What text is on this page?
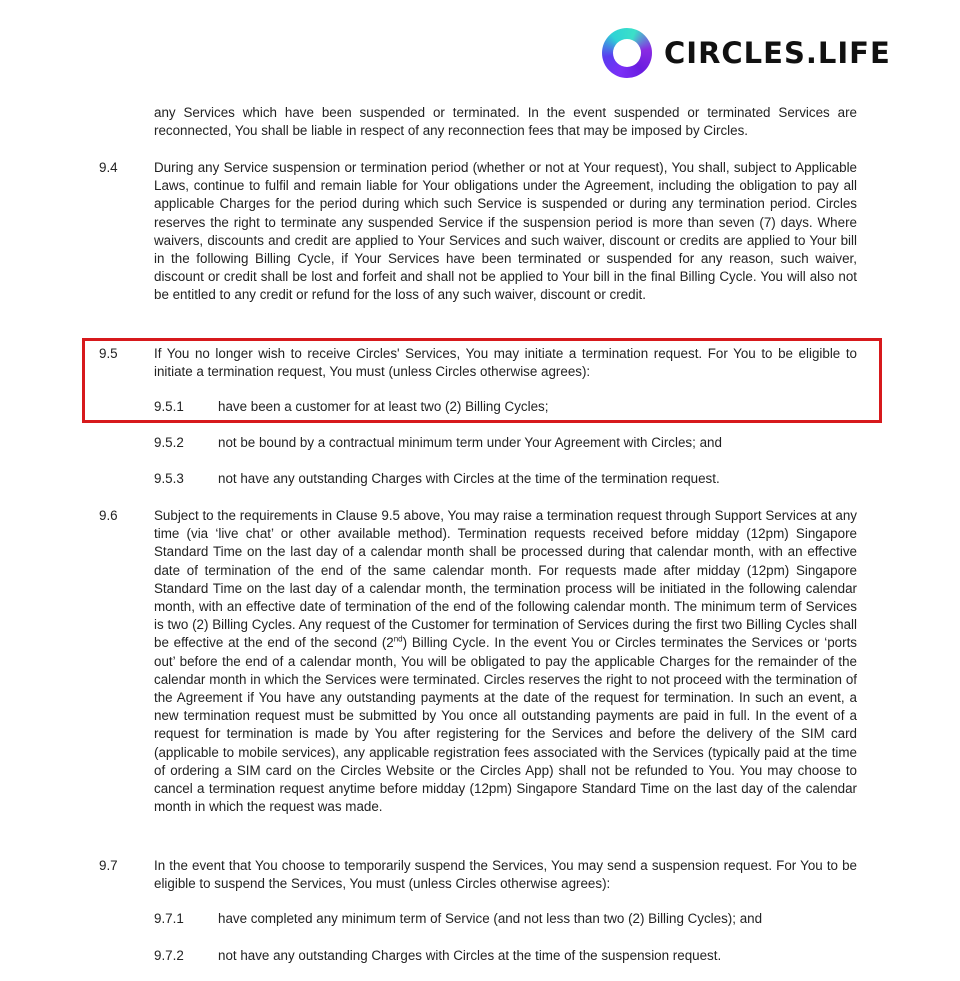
CIRCLES.LIFE
any Services which have been suspended or terminated. In the event suspended or terminated Services are reconnected, You shall be liable in respect of any reconnection fees that may be imposed by Circles.
9.4	During any Service suspension or termination period (whether or not at Your request), You shall, subject to Applicable Laws, continue to fulfil and remain liable for Your obligations under the Agreement, including the obligation to pay all applicable Charges for the period during which such Service is suspended or during any termination period. Circles reserves the right to terminate any suspended Service if the suspension period is more than seven (7) days. Where waivers, discounts and credit are applied to Your Services and such waiver, discount or credits are applied to Your bill in the following Billing Cycle, if Your Services have been terminated or suspended for any reason, such waiver, discount or credit shall be lost and forfeit and shall not be applied to Your bill in the final Billing Cycle. You will also not be entitled to any credit or refund for the loss of any such waiver, discount or credit.
9.5	If You no longer wish to receive Circles' Services, You may initiate a termination request. For You to be eligible to initiate a termination request, You must (unless Circles otherwise agrees):
9.5.1	have been a customer for at least two (2) Billing Cycles;
9.5.2	not be bound by a contractual minimum term under Your Agreement with Circles; and
9.5.3	not have any outstanding Charges with Circles at the time of the termination request.
9.6	Subject to the requirements in Clause 9.5 above, You may raise a termination request through Support Services at any time (via ‘live chat’ or other available method). Termination requests received before midday (12pm) Singapore Standard Time on the last day of a calendar month shall be processed during that calendar month, with an effective date of termination of the end of the same calendar month. For requests made after midday (12pm) Singapore Standard Time on the last day of a calendar month, the termination process will be initiated in the following calendar month, with an effective date of termination of the end of the following calendar month. The minimum term of Services is two (2) Billing Cycles. Any request of the Customer for termination of Services during the first two Billing Cycles shall be effective at the end of the second (2nd) Billing Cycle. In the event You or Circles terminates the Services or ‘ports out’ before the end of a calendar month, You will be obligated to pay the applicable Charges for the remainder of the calendar month in which the Services were terminated. Circles reserves the right to not proceed with the termination of the Agreement if You have any outstanding payments at the date of the request for termination. In such an event, a new termination request must be submitted by You once all outstanding payments are paid in full. In the event of a request for termination is made by You after registering for the Services and before the delivery of the SIM card (applicable to mobile services), any applicable registration fees associated with the Services (typically paid at the time of ordering a SIM card on the Circles Website or the Circles App) shall not be refunded to You. You may choose to cancel a termination request anytime before midday (12pm) Singapore Standard Time on the last day of the calendar month in which the request was made.
9.7	In the event that You choose to temporarily suspend the Services, You may send a suspension request. For You to be eligible to suspend the Services, You must (unless Circles otherwise agrees):
9.7.1	have completed any minimum term of Service (and not less than two (2) Billing Cycles); and
9.7.2	not have any outstanding Charges with Circles at the time of the suspension request.
